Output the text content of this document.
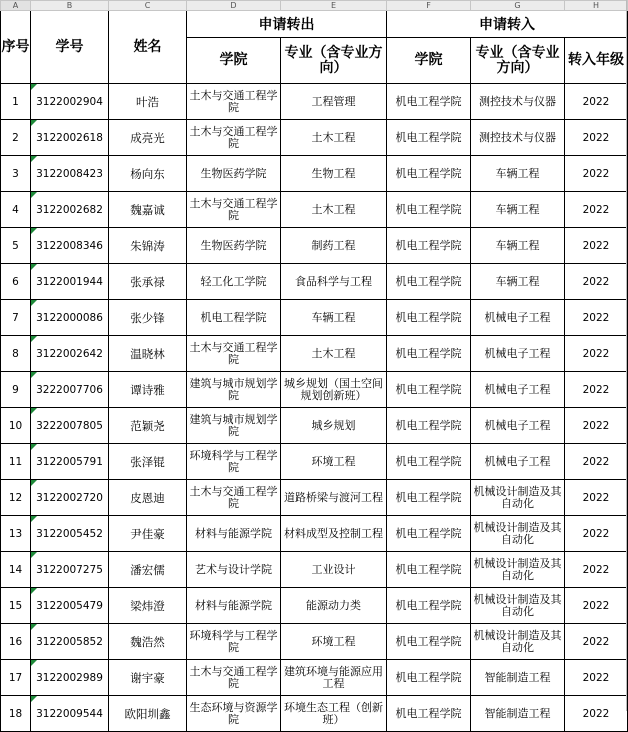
A	B	C	D	E	F	G	H
序号	学号	姓名	申请转出		申请转入		
			学院	专业（含专业方向）	学院	专业（含专业方向）	转入年级
1	3122002904	叶浩	土木与交通工程学院	工程管理	机电工程学院	测控技术与仪器	2022
2	3122002618	成亮光	土木与交通工程学院	土木工程	机电工程学院	测控技术与仪器	2022
3	3122008423	杨向东	生物医药学院	生物工程	机电工程学院	车辆工程	2022
4	3122002682	魏嘉诚	土木与交通工程学院	土木工程	机电工程学院	车辆工程	2022
5	3122008346	朱锦涛	生物医药学院	制药工程	机电工程学院	车辆工程	2022
6	3122001944	张承禄	轻工化工学院	食品科学与工程	机电工程学院	车辆工程	2022
7	3122000086	张少锋	机电工程学院	车辆工程	机电工程学院	机械电子工程	2022
8	3122002642	温晓林	土木与交通工程学院	土木工程	机电工程学院	机械电子工程	2022
9	3222007706	谭诗雅	建筑与城市规划学院	城乡规划（国土空间规划创新班）	机电工程学院	机械电子工程	2022
10	3222007805	范颖尧	建筑与城市规划学院	城乡规划	机电工程学院	机械电子工程	2022
11	3122005791	张泽锟	环境科学与工程学院	环境工程	机电工程学院	机械电子工程	2022
12	3122002720	皮恩迪	土木与交通工程学院	道路桥梁与渡河工程	机电工程学院	机械设计制造及其自动化	2022
13	3122005452	尹佳豪	材料与能源学院	材料成型及控制工程	机电工程学院	机械设计制造及其自动化	2022
14	3122007275	潘宏儒	艺术与设计学院	工业设计	机电工程学院	机械设计制造及其自动化	2022
15	3122005479	梁炜澄	材料与能源学院	能源动力类	机电工程学院	机械设计制造及其自动化	2022
16	3122005852	魏浩然	环境科学与工程学院	环境工程	机电工程学院	机械设计制造及其自动化	2022
17	3122002989	谢宇豪	土木与交通工程学院	建筑环境与能源应用工程	机电工程学院	智能制造工程	2022
18	3122009544	欧阳圳鑫	生态环境与资源学院	环境生态工程（创新班）	机电工程学院	智能制造工程	2022
